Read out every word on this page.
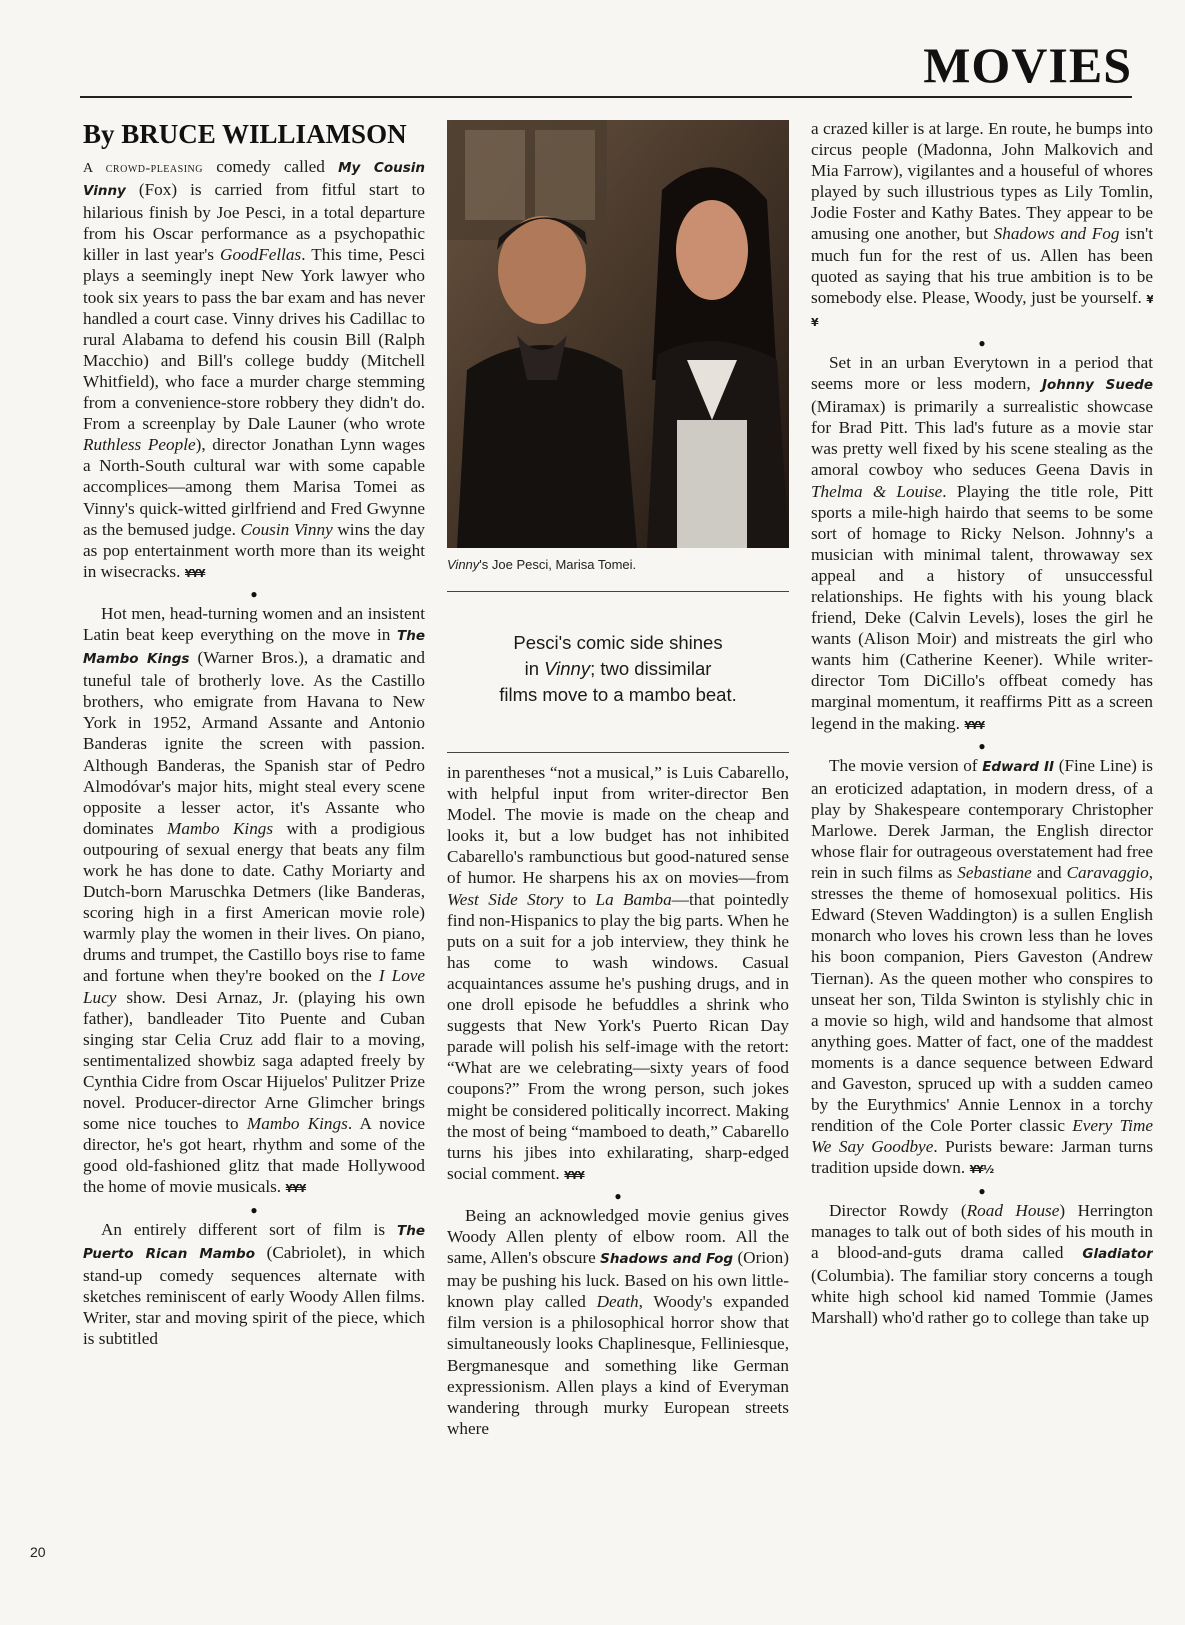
MOVIES
By BRUCE WILLIAMSON

A crowd-pleasing comedy called My Cousin Vinny (Fox) is carried from fitful start to hilarious finish by Joe Pesci, in a total departure from his Oscar performance as a psychopathic killer in last year's GoodFellas. This time, Pesci plays a seemingly inept New York lawyer who took six years to pass the bar exam and has never handled a court case. Vinny drives his Cadillac to rural Alabama to defend his cousin Bill (Ralph Macchio) and Bill's college buddy (Mitchell Whitfield), who face a murder charge stemming from a convenience-store robbery they didn't do. From a screenplay by Dale Launer (who wrote Ruthless People), director Jonathan Lynn wages a North-South cultural war with some capable accomplices—among them Marisa Tomei as Vinny's quick-witted girlfriend and Fred Gwynne as the bemused judge. Cousin Vinny wins the day as pop entertainment worth more than its weight in wisecracks. ¥¥¥

●

Hot men, head-turning women and an insistent Latin beat keep everything on the move in The Mambo Kings (Warner Bros.), a dramatic and tuneful tale of brotherly love. As the Castillo brothers, who emigrate from Havana to New York in 1952, Armand Assante and Antonio Banderas ignite the screen with passion. Although Banderas, the Spanish star of Pedro Almodóvar's major hits, might steal every scene opposite a lesser actor, it's Assante who dominates Mambo Kings with a prodigious outpouring of sexual energy that beats any film work he has done to date. Cathy Moriarty and Dutch-born Maruschka Detmers (like Banderas, scoring high in a first American movie role) warmly play the women in their lives. On piano, drums and trumpet, the Castillo boys rise to fame and fortune when they're booked on the I Love Lucy show. Desi Arnaz, Jr. (playing his own father), bandleader Tito Puente and Cuban singing star Celia Cruz add flair to a moving, sentimentalized showbiz saga adapted freely by Cynthia Cidre from Oscar Hijuelos' Pulitzer Prize novel. Producer-director Arne Glimcher brings some nice touches to Mambo Kings. A novice director, he's got heart, rhythm and some of the good old-fashioned glitz that made Hollywood the home of movie musicals. ¥¥¥

●

An entirely different sort of film is The Puerto Rican Mambo (Cabriolet), in which stand-up comedy sequences alternate with sketches reminiscent of early Woody Allen films. Writer, star and moving spirit of the piece, which is subtitled

Vinny's Joe Pesci, Marisa Tomei.
Pesci's comic side shines
in Vinny; two dissimilar
films move to a mambo beat.

in parentheses “not a musical,” is Luis Cabarello, with helpful input from writer-director Ben Model. The movie is made on the cheap and looks it, but a low budget has not inhibited Cabarello's rambunctious but good-natured sense of humor. He sharpens his ax on movies—from West Side Story to La Bamba—that pointedly find non-Hispanics to play the big parts. When he puts on a suit for a job interview, they think he has come to wash windows. Casual acquaintances assume he's pushing drugs, and in one droll episode he befuddles a shrink who suggests that New York's Puerto Rican Day parade will polish his self-image with the retort: “What are we celebrating—sixty years of food coupons?” From the wrong person, such jokes might be considered politically incorrect. Making the most of being “mamboed to death,” Cabarello turns his jibes into exhilarating, sharp-edged social comment. ¥¥¥

●

Being an acknowledged movie genius gives Woody Allen plenty of elbow room. All the same, Allen's obscure Shadows and Fog (Orion) may be pushing his luck. Based on his own little-known play called Death, Woody's expanded film version is a philosophical horror show that simultaneously looks Chaplinesque, Felliniesque, Bergmanesque and something like German expressionism. Allen plays a kind of Everyman wandering through murky European streets where

a crazed killer is at large. En route, he bumps into circus people (Madonna, John Malkovich and Mia Farrow), vigilantes and a houseful of whores played by such illustrious types as Lily Tomlin, Jodie Foster and Kathy Bates. They appear to be amusing one another, but Shadows and Fog isn't much fun for the rest of us. Allen has been quoted as saying that his true ambition is to be somebody else. Please, Woody, just be yourself. ¥¥

●

Set in an urban Everytown in a period that seems more or less modern, Johnny Suede (Miramax) is primarily a surrealistic showcase for Brad Pitt. This lad's future as a movie star was pretty well fixed by his scene stealing as the amoral cowboy who seduces Geena Davis in Thelma & Louise. Playing the title role, Pitt sports a mile-high hairdo that seems to be some sort of homage to Ricky Nelson. Johnny's a musician with minimal talent, throwaway sex appeal and a history of unsuccessful relationships. He fights with his young black friend, Deke (Calvin Levels), loses the girl he wants (Alison Moir) and mistreats the girl who wants him (Catherine Keener). While writer-director Tom DiCillo's offbeat comedy has marginal momentum, it reaffirms Pitt as a screen legend in the making. ¥¥¥

●

The movie version of Edward II (Fine Line) is an eroticized adaptation, in modern dress, of a play by Shakespeare contemporary Christopher Marlowe. Derek Jarman, the English director whose flair for outrageous overstatement had free rein in such films as Sebastiane and Caravaggio, stresses the theme of homosexual politics. His Edward (Steven Waddington) is a sullen English monarch who loves his crown less than he loves his boon companion, Piers Gaveston (Andrew Tiernan). As the queen mother who conspires to unseat her son, Tilda Swinton is stylishly chic in a movie so high, wild and handsome that almost anything goes. Matter of fact, one of the maddest moments is a dance sequence between Edward and Gaveston, spruced up with a sudden cameo by the Eurythmics' Annie Lennox in a torchy rendition of the Cole Porter classic Every Time We Say Goodbye. Purists beware: Jarman turns tradition upside down. ¥¥½

●

Director Rowdy (Road House) Herrington manages to talk out of both sides of his mouth in a blood-and-guts drama called Gladiator (Columbia). The familiar story concerns a tough white high school kid named Tommie (James Marshall) who'd rather go to college than take up

20
